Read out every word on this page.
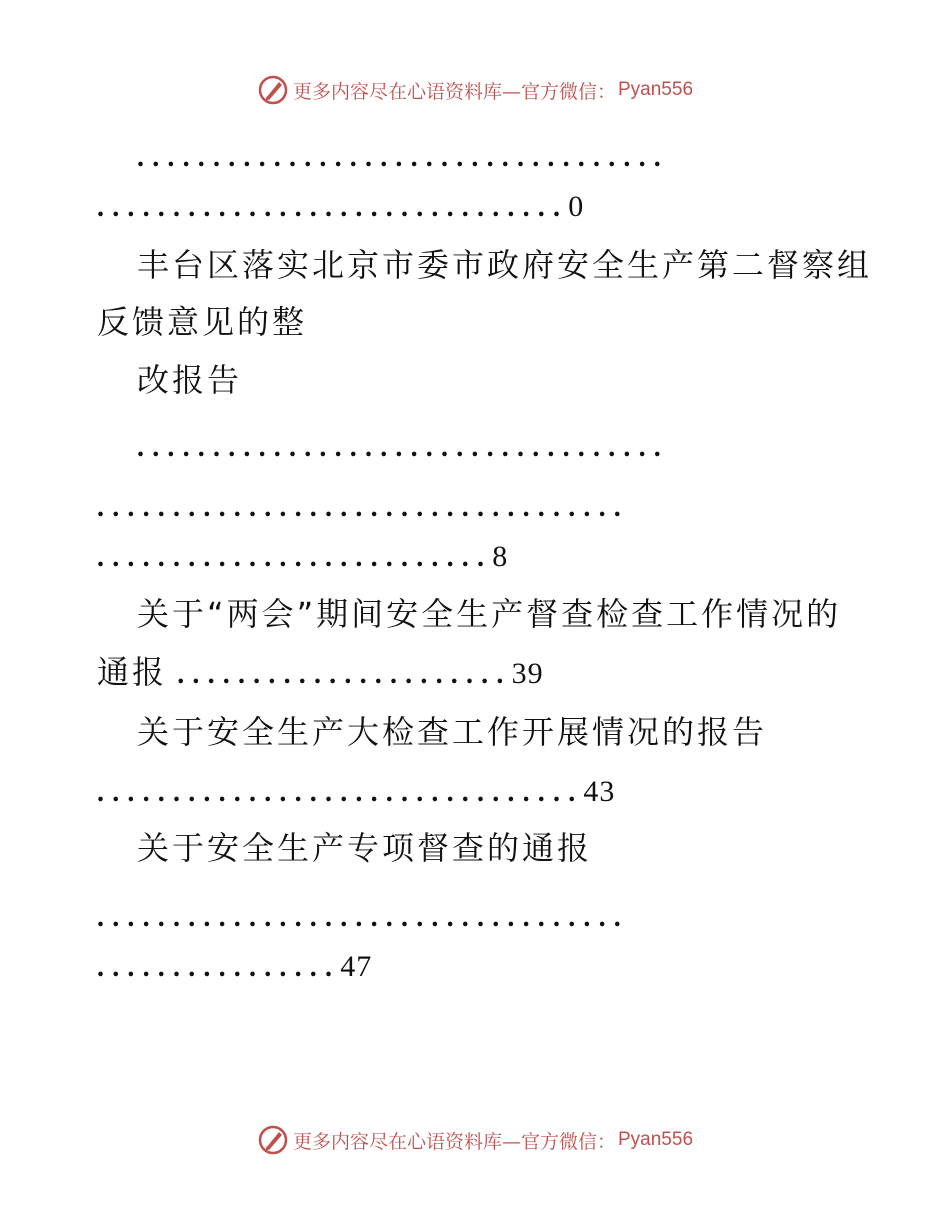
更多内容尽在心语资料库—官方微信： Pyan556
...................................
...............................0
丰台区落实北京市委市政府安全生产第二督察组
反馈意见的整
改报告
...................................
...................................
..........................8
关于“两会”期间安全生产督查检查工作情况的
通报 ......................39
关于安全生产大检查工作开展情况的报告
................................43
关于安全生产专项督查的通报
...................................
................47
更多内容尽在心语资料库—官方微信： Pyan556
